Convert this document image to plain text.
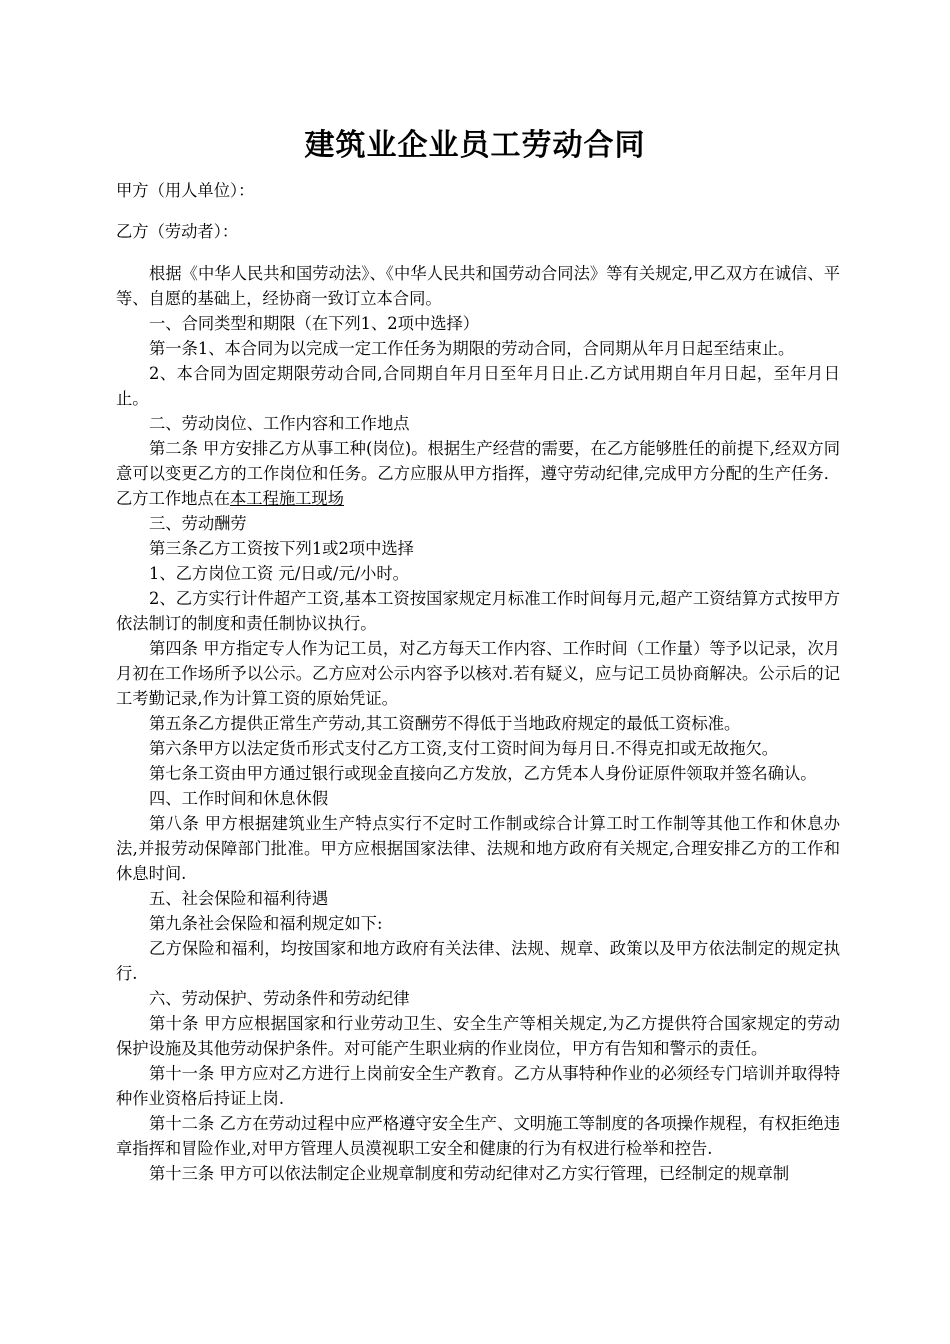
建筑业企业员工劳动合同

甲方（用人单位）：

乙方（劳动者）：

根据《中华人民共和国劳动法》、《中华人民共和国劳动合同法》等有关规定,甲乙双方在诚信、平等、自愿的基础上，经协商一致订立本合同。

一、合同类型和期限（在下列1、2项中选择）

第一条1、本合同为以完成一定工作任务为期限的劳动合同，合同期从年月日起至结束止。

2、本合同为固定期限劳动合同,合同期自年月日至年月日止.乙方试用期自年月日起，至年月日止。

二、劳动岗位、工作内容和工作地点

第二条 甲方安排乙方从事工种(岗位)。根据生产经营的需要，在乙方能够胜任的前提下,经双方同意可以变更乙方的工作岗位和任务。乙方应服从甲方指挥，遵守劳动纪律,完成甲方分配的生产任务．乙方工作地点在本工程施工现场

三、劳动酬劳

第三条乙方工资按下列1或2项中选择

1、乙方岗位工资 元/日或/元/小时。

2、乙方实行计件超产工资,基本工资按国家规定月标准工作时间每月元,超产工资结算方式按甲方依法制订的制度和责任制协议执行。

第四条 甲方指定专人作为记工员，对乙方每天工作内容、工作时间（工作量）等予以记录，次月月初在工作场所予以公示。乙方应对公示内容予以核对.若有疑义，应与记工员协商解决。公示后的记工考勤记录,作为计算工资的原始凭证。

第五条乙方提供正常生产劳动,其工资酬劳不得低于当地政府规定的最低工资标准。

第六条甲方以法定货币形式支付乙方工资,支付工资时间为每月日.不得克扣或无故拖欠。

第七条工资由甲方通过银行或现金直接向乙方发放，乙方凭本人身份证原件领取并签名确认。

四、工作时间和休息休假

第八条 甲方根据建筑业生产特点实行不定时工作制或综合计算工时工作制等其他工作和休息办法,并报劳动保障部门批准。甲方应根据国家法律、法规和地方政府有关规定,合理安排乙方的工作和休息时间.

五、社会保险和福利待遇

第九条社会保险和福利规定如下:

乙方保险和福利，均按国家和地方政府有关法律、法规、规章、政策以及甲方依法制定的规定执行.

六、劳动保护、劳动条件和劳动纪律

第十条 甲方应根据国家和行业劳动卫生、安全生产等相关规定,为乙方提供符合国家规定的劳动保护设施及其他劳动保护条件。对可能产生职业病的作业岗位，甲方有告知和警示的责任。

第十一条 甲方应对乙方进行上岗前安全生产教育。乙方从事特种作业的必须经专门培训并取得特种作业资格后持证上岗.

第十二条 乙方在劳动过程中应严格遵守安全生产、文明施工等制度的各项操作规程，有权拒绝违章指挥和冒险作业,对甲方管理人员漠视职工安全和健康的行为有权进行检举和控告.

第十三条 甲方可以依法制定企业规章制度和劳动纪律对乙方实行管理，已经制定的规章制
